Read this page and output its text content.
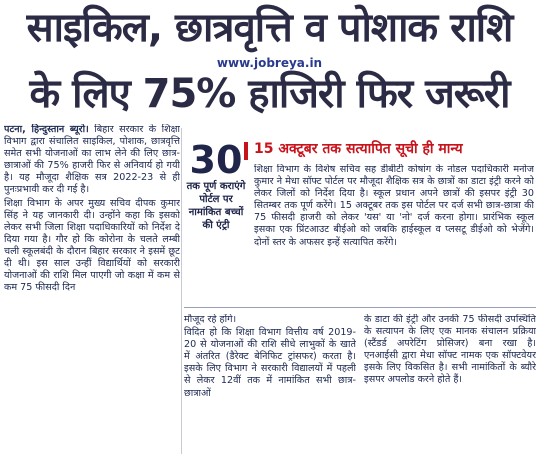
साइकिल, छात्रवृत्ति व पोशाक राशि
www.jobreya.in
के लिए 75% हाजिरी फिर जरूरी

पटना, हिन्दुस्तान ब्यूरो। बिहार सरकार के शिक्षा विभाग द्वारा संचालित साइकिल, पोशाक, छात्रवृत्ति समेत सभी योजनाओं का लाभ लेने की लिए छात्र-छात्राओं की 75% हाजरी फिर से अनिवार्य हो गयी है। यह मौजूदा शैक्षिक सत्र 2022-23 से ही पुनःप्रभावी कर दी गई है।

शिक्षा विभाग के अपर मुख्य सचिव दीपक कुमार सिंह ने यह जानकारी दी। उन्होंने कहा कि इसको लेकर सभी जिला शिक्षा पदाधिकारियों को निर्देश दे दिया गया है। गौर हो कि कोरोना के चलते लम्बी चली स्कूलबंदी के दौरान बिहार सरकार ने इसमें छूट दी थी। इस साल उन्हीं विद्यार्थियों को सरकारी योजनाओं की राशि मिल पाएगी जो कक्षा में कम से कम 75 फीसदी दिन

30
तक पूर्ण कराएंगे पोर्टल पर नामांकित बच्चों की एंट्री
15 अक्टूबर तक सत्यापित सूची ही मान्य

शिक्षा विभाग के विशेष सचिव सह डीबीटी कोषांग के नोडल पदाधिकारी मनोज कुमार ने मेधा सॉफ्ट पोर्टल पर मौजूदा शैक्षिक सत्र के छात्रों का डाटा इंट्री करने को लेकर जिलों को निर्देश दिया है। स्कूल प्रधान अपने छात्रों की इसपर इंट्री 30 सितम्बर तक पूर्ण करेंगे। 15 अक्टूबर तक इस पोर्टल पर दर्ज सभी छात्र-छात्रा की 75 फीसदी हाजरी को लेकर 'यस' या 'नो' दर्ज करना होगा। प्रारंभिक स्कूल इसका एक प्रिंटआउट बीईओ को जबकि हाईस्कूल व प्लसटू डीईओ को भेजेंगे। दोनों स्तर के अफसर इन्हें सत्यापित करेंगे।

मौजूद रहे होंगे।

विदित हो कि शिक्षा विभाग वित्तीय वर्ष 2019-20 से योजनाओं की राशि सीधे लाभुकों के खाते में अंतरित (डैरेक्ट बेनिफिट ट्रांसफर) करता है। इसके लिए विभाग ने सरकारी विद्यालयों में पहली से लेकर 12वीं तक में नामांकित सभी छात्र-छात्राओं

के डाटा की इंट्री और उनकी 75 फीसदी उपस्थिति के सत्यापन के लिए एक मानक संचालन प्रक्रिया (स्टैंडर्ड अपरेटिंग प्रोसिजर) बना रखा है। एनआईसी द्वारा मेधा सॉफ्ट नामक एक सॉफ्टवेयर इसके लिए विकसित है। सभी नामांकितों के ब्यौरे इसपर अपलोड करने होते हैं।
